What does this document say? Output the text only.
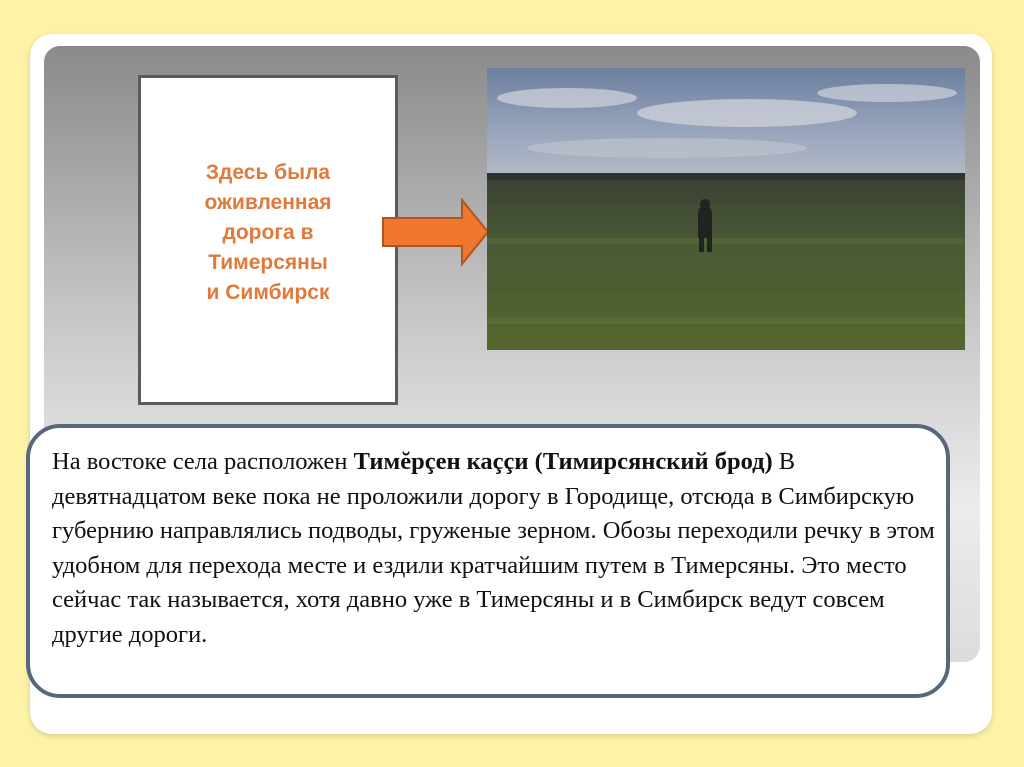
Здесь была
оживленная
дорога в
Тимерсяны
и Симбирск
На востоке села расположен Тимĕрçен каççи (Тимирсянский брод) В девятнадцатом веке пока не проложили дорогу в Городище, отсюда в Симбирскую губернию направлялись подводы, груженые зерном. Обозы переходили речку в этом удобном для перехода месте и ездили кратчайшим путем в Тимерсяны. Это место сейчас так называется, хотя давно уже в Тимерсяны и в Симбирск ведут совсем другие дороги.
